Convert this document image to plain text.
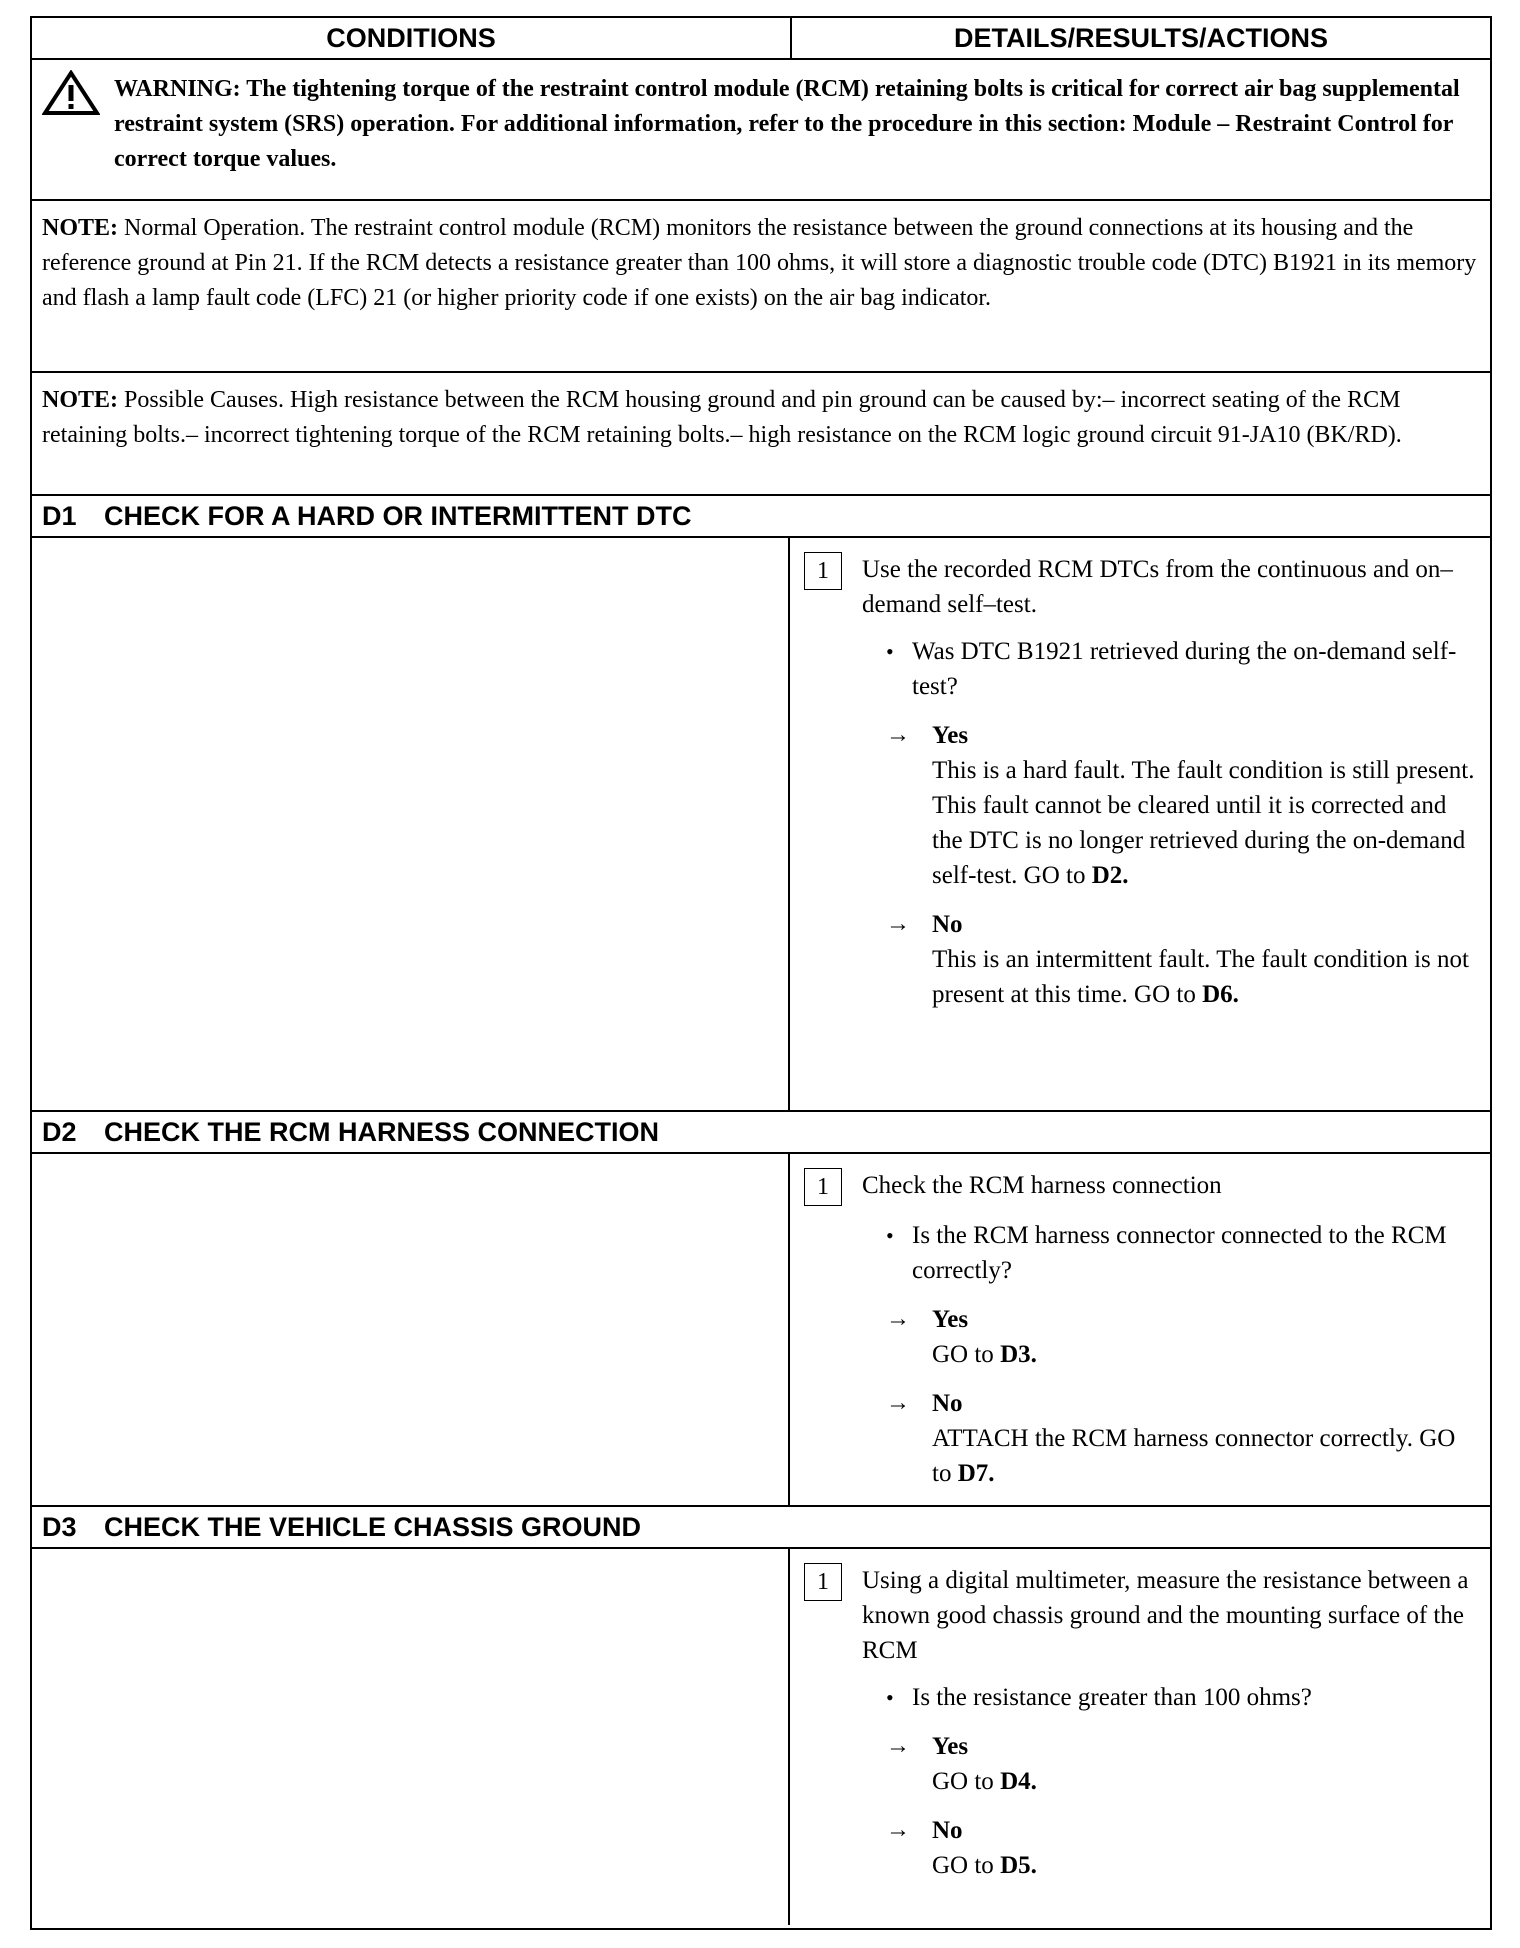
CONDITIONS	DETAILS/RESULTS/ACTIONS
WARNING: The tightening torque of the restraint control module (RCM) retaining bolts is critical for correct air bag supplemental restraint system (SRS) operation. For additional information, refer to the procedure in this section: Module – Restraint Control for correct torque values.
NOTE: Normal Operation. The restraint control module (RCM) monitors the resistance between the ground connections at its housing and the reference ground at Pin 21. If the RCM detects a resistance greater than 100 ohms, it will store a diagnostic trouble code (DTC) B1921 in its memory and flash a lamp fault code (LFC) 21 (or higher priority code if one exists) on the air bag indicator.
NOTE: Possible Causes. High resistance between the RCM housing ground and pin ground can be caused by:– incorrect seating of the RCM retaining bolts.– incorrect tightening torque of the RCM retaining bolts.– high resistance on the RCM logic ground circuit 91-JA10 (BK/RD).
D1	CHECK FOR A HARD OR INTERMITTENT DTC
1	Use the recorded RCM DTCs from the continuous and on–demand self–test.
• Was DTC B1921 retrieved during the on-demand self-test?
→ Yes
This is a hard fault. The fault condition is still present. This fault cannot be cleared until it is corrected and the DTC is no longer retrieved during the on-demand self-test. GO to D2.
→ No
This is an intermittent fault. The fault condition is not present at this time. GO to D6.
D2	CHECK THE RCM HARNESS CONNECTION
1	Check the RCM harness connection
• Is the RCM harness connector connected to the RCM correctly?
→ Yes
GO to D3.
→ No
ATTACH the RCM harness connector correctly. GO to D7.
D3	CHECK THE VEHICLE CHASSIS GROUND
1	Using a digital multimeter, measure the resistance between a known good chassis ground and the mounting surface of the RCM
• Is the resistance greater than 100 ohms?
→ Yes
GO to D4.
→ No
GO to D5.
